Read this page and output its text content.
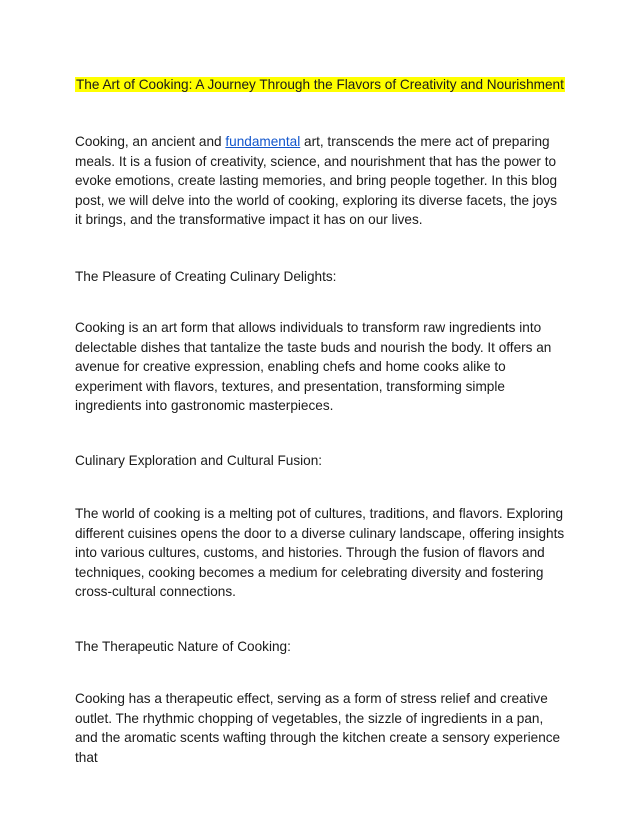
The Art of Cooking: A Journey Through the Flavors of Creativity and Nourishment

Cooking, an ancient and fundamental art, transcends the mere act of preparing meals. It is a fusion of creativity, science, and nourishment that has the power to evoke emotions, create lasting memories, and bring people together. In this blog post, we will delve into the world of cooking, exploring its diverse facets, the joys it brings, and the transformative impact it has on our lives.

The Pleasure of Creating Culinary Delights:

Cooking is an art form that allows individuals to transform raw ingredients into delectable dishes that tantalize the taste buds and nourish the body. It offers an avenue for creative expression, enabling chefs and home cooks alike to experiment with flavors, textures, and presentation, transforming simple ingredients into gastronomic masterpieces.

Culinary Exploration and Cultural Fusion:

The world of cooking is a melting pot of cultures, traditions, and flavors. Exploring different cuisines opens the door to a diverse culinary landscape, offering insights into various cultures, customs, and histories. Through the fusion of flavors and techniques, cooking becomes a medium for celebrating diversity and fostering cross-cultural connections.

The Therapeutic Nature of Cooking:

Cooking has a therapeutic effect, serving as a form of stress relief and creative outlet. The rhythmic chopping of vegetables, the sizzle of ingredients in a pan, and the aromatic scents wafting through the kitchen create a sensory experience that
